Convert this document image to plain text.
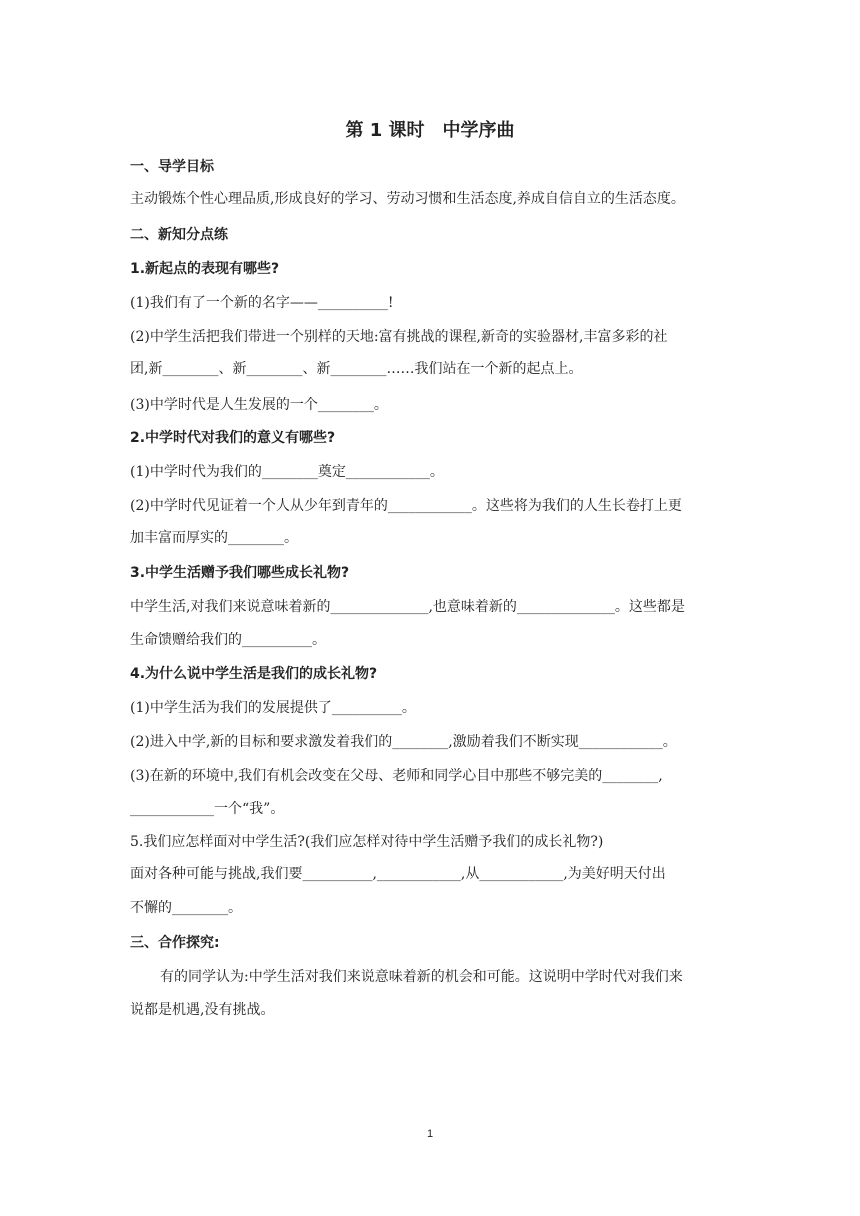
第 1 课时　中学序曲
一、导学目标
主动锻炼个性心理品质,形成良好的学习、劳动习惯和生活态度,养成自信自立的生活态度。
二、新知分点练
1.新起点的表现有哪些?
(1)我们有了一个新的名字——__________!
(2)中学生活把我们带进一个别样的天地:富有挑战的课程,新奇的实验器材,丰富多彩的社
团,新________、新________、新________……我们站在一个新的起点上。
(3)中学时代是人生发展的一个________。
2.中学时代对我们的意义有哪些?
(1)中学时代为我们的________奠定____________。
(2)中学时代见证着一个人从少年到青年的____________。这些将为我们的人生长卷打上更
加丰富而厚实的________。
3.中学生活赠予我们哪些成长礼物?
中学生活,对我们来说意味着新的______________,也意味着新的______________。这些都是
生命馈赠给我们的__________。
4.为什么说中学生活是我们的成长礼物?
(1)中学生活为我们的发展提供了__________。
(2)进入中学,新的目标和要求激发着我们的________,激励着我们不断实现____________。
(3)在新的环境中,我们有机会改变在父母、老师和同学心目中那些不够完美的________,
____________一个“我”。
5.我们应怎样面对中学生活?(我们应怎样对待中学生活赠予我们的成长礼物?)
面对各种可能与挑战,我们要__________,____________,从____________,为美好明天付出
不懈的________。
三、合作探究:
有的同学认为:中学生活对我们来说意味着新的机会和可能。这说明中学时代对我们来
说都是机遇,没有挑战。
1
